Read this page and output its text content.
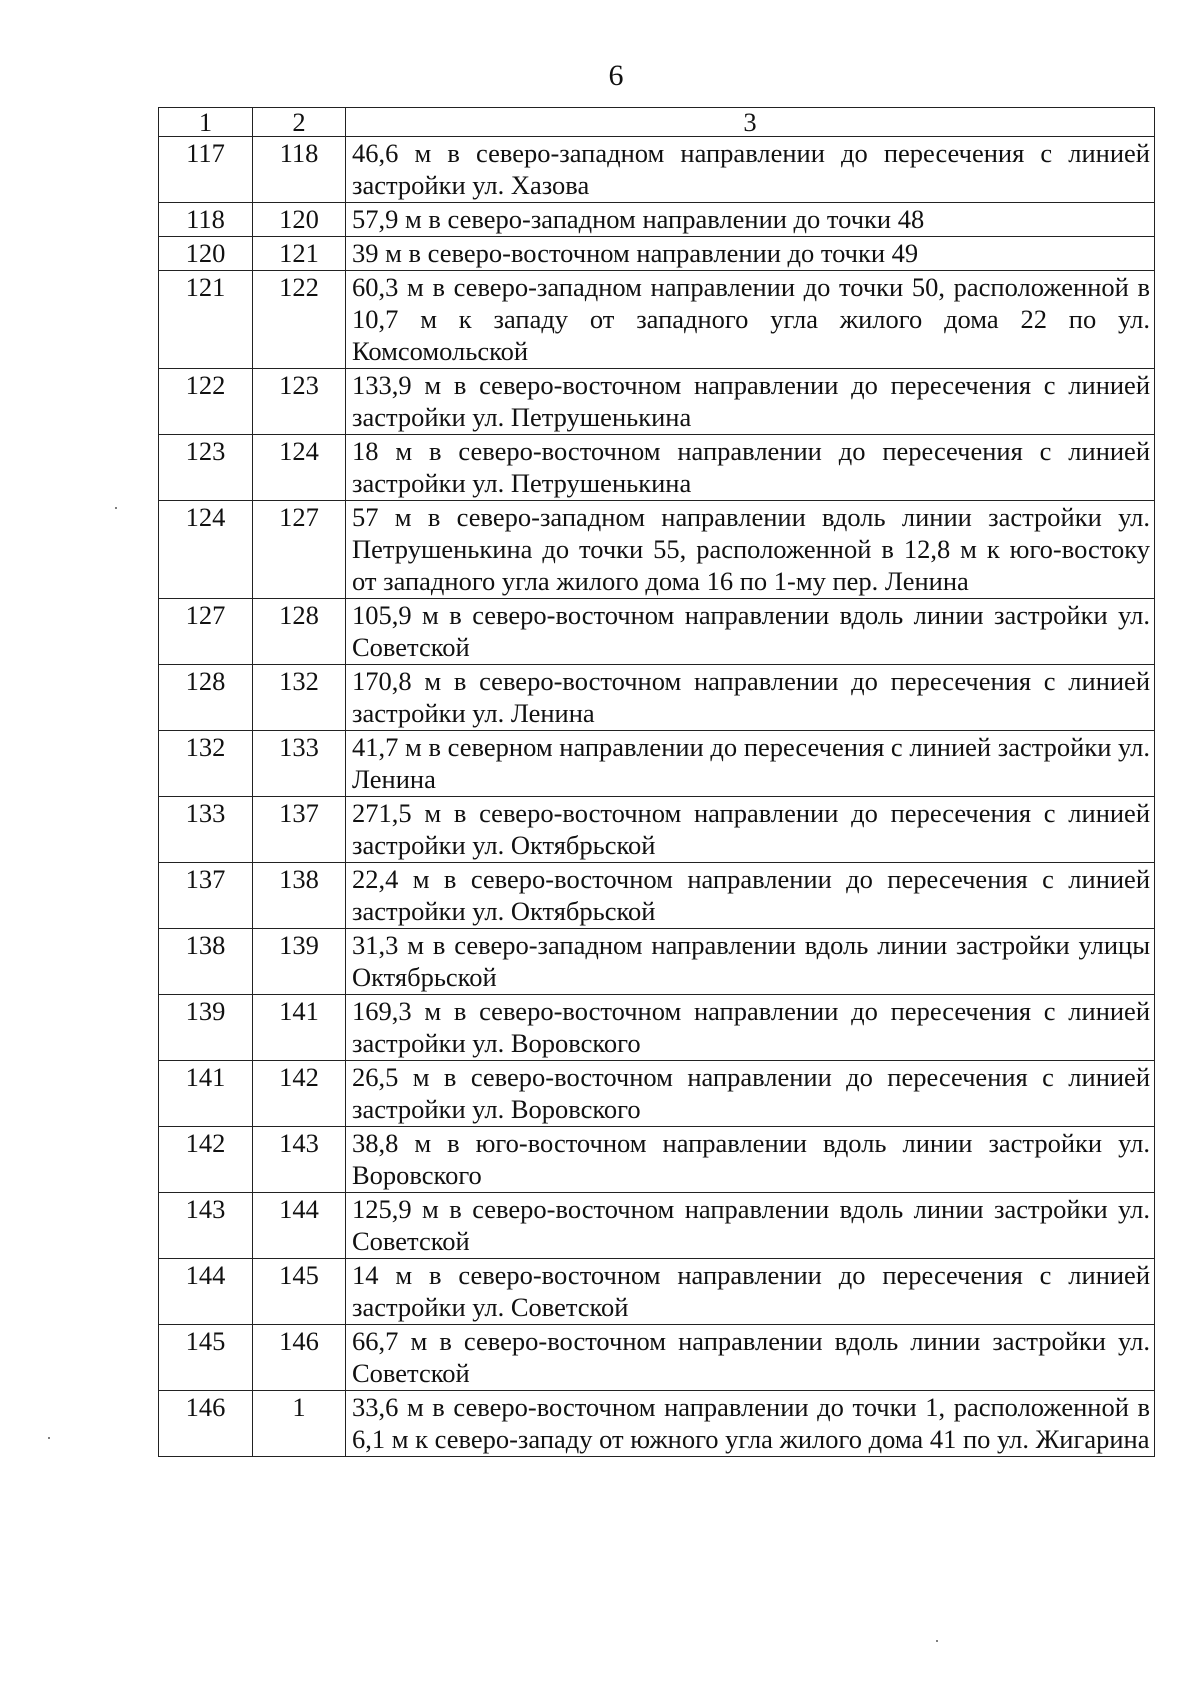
6
1	2	3
117	118	46,6 м в северо-западном направлении до пересечения с линией застройки ул. Хазова
118	120	57,9 м в северо-западном направлении до точки 48
120	121	39 м в северо-восточном направлении до точки 49
121	122	60,3 м в северо-западном направлении до точки 50, расположенной в 10,7 м к западу от западного угла жилого дома 22 по ул. Комсомольской
122	123	133,9 м в северо-восточном направлении до пересечения с линией застройки ул. Петрушенькина
123	124	18 м в северо-восточном направлении до пересечения с линией застройки ул. Петрушенькина
124	127	57 м в северо-западном направлении вдоль линии застройки ул. Петрушенькина до точки 55, расположенной в 12,8 м к юго-востоку от западного угла жилого дома 16 по 1-му пер. Ленина
127	128	105,9 м в северо-восточном направлении вдоль линии застройки ул. Советской
128	132	170,8 м в северо-восточном направлении до пересечения с линией застройки ул. Ленина
132	133	41,7 м в северном направлении до пересечения с линией застройки ул. Ленина
133	137	271,5 м в северо-восточном направлении до пересечения с линией застройки ул. Октябрьской
137	138	22,4 м в северо-восточном направлении до пересечения с линией застройки ул. Октябрьской
138	139	31,3 м в северо-западном направлении вдоль линии застройки улицы Октябрьской
139	141	169,3 м в северо-восточном направлении до пересечения с линией застройки ул. Воровского
141	142	26,5 м в северо-восточном направлении до пересечения с линией застройки ул. Воровского
142	143	38,8 м в юго-восточном направлении вдоль линии застройки ул. Воровского
143	144	125,9 м в северо-восточном направлении вдоль линии застройки ул. Советской
144	145	14 м в северо-восточном направлении до пересечения с линией застройки ул. Советской
145	146	66,7 м в северо-восточном направлении вдоль линии застройки ул. Советской
146	1	33,6 м в северо-восточном направлении до точки 1, расположенной в 6,1 м к северо-западу от южного угла жилого дома 41 по ул. Жигарина
